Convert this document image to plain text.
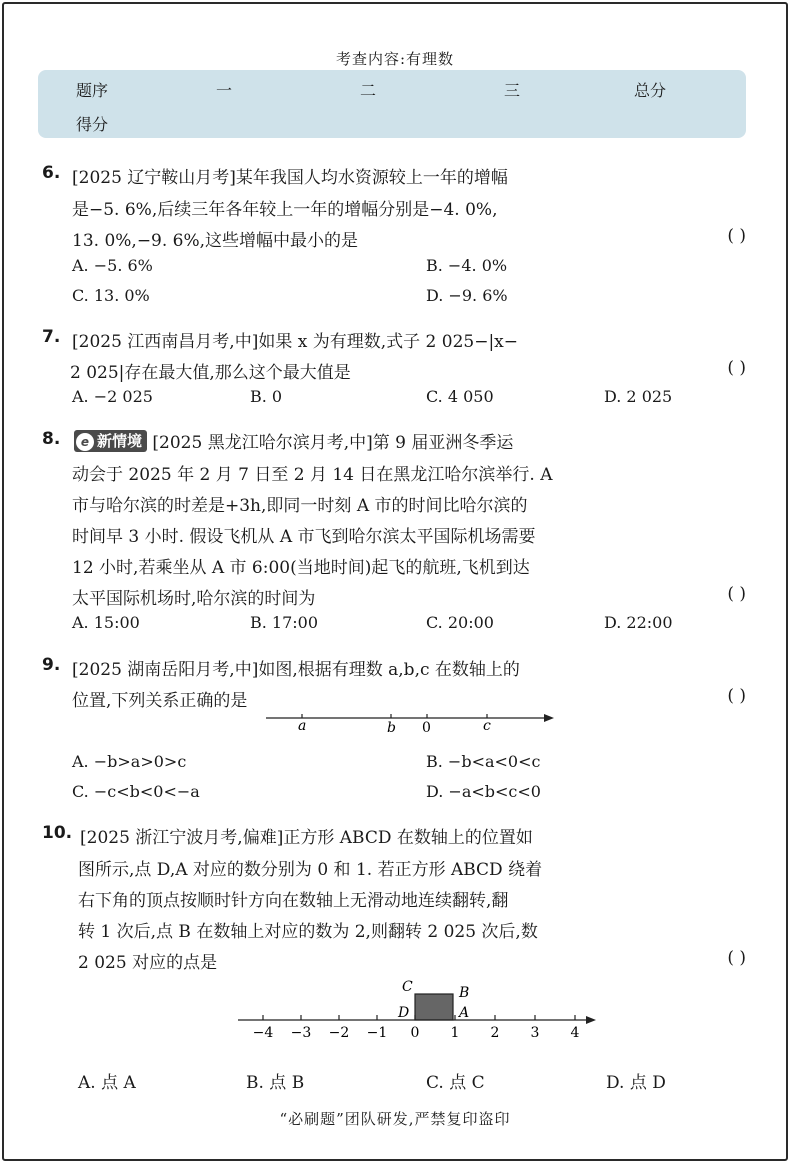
考查内容:有理数
题序	一	二	三	总分
得分
6. [2025 辽宁鞍山月考]某年我国人均水资源较上一年的增幅
是−5. 6%,后续三年各年较上一年的增幅分别是−4. 0%,
13. 0%,−9. 6%,这些增幅中最小的是	( )
A. −5. 6%	B. −4. 0%
C. 13. 0%	D. −9. 6%
7. [2025 江西南昌月考,中]如果 x 为有理数,式子 2 025−|x−
2 025|存在最大值,那么这个最大值是	( )
A. −2 025	B. 0	C. 4 050	D. 2 025
8.	e 新情境 [2025 黑龙江哈尔滨月考,中]第 9 届亚洲冬季运
动会于 2025 年 2 月 7 日至 2 月 14 日在黑龙江哈尔滨举行. A
市与哈尔滨的时差是+3h,即同一时刻 A 市的时间比哈尔滨的
时间早 3 小时. 假设飞机从 A 市飞到哈尔滨太平国际机场需要
12 小时,若乘坐从 A 市 6:00(当地时间)起飞的航班,飞机到达
太平国际机场时,哈尔滨的时间为	( )
A. 15:00	B. 17:00	C. 20:00	D. 22:00
9. [2025 湖南岳阳月考,中]如图,根据有理数 a,b,c 在数轴上的
位置,下列关系正确的是	( )
a	b 0	c
A. −b>a>0>c	B. −b<a<0<c
C. −c<b<0<−a	D. −a<b<c<0
10. [2025 浙江宁波月考,偏难]正方形 ABCD 在数轴上的位置如
图所示,点 D,A 对应的数分别为 0 和 1. 若正方形 ABCD 绕着
右下角的顶点按顺时针方向在数轴上无滑动地连续翻转,翻
转 1 次后,点 B 在数轴上对应的数为 2,则翻转 2 025 次后,数
2 025 对应的点是	( )
−4 −3 −2 −1 0 1 2 3 4
C	B
D	A
A. 点 A	B. 点 B	C. 点 C	D. 点 D
“必刷题”团队研发,严禁复印盗印
